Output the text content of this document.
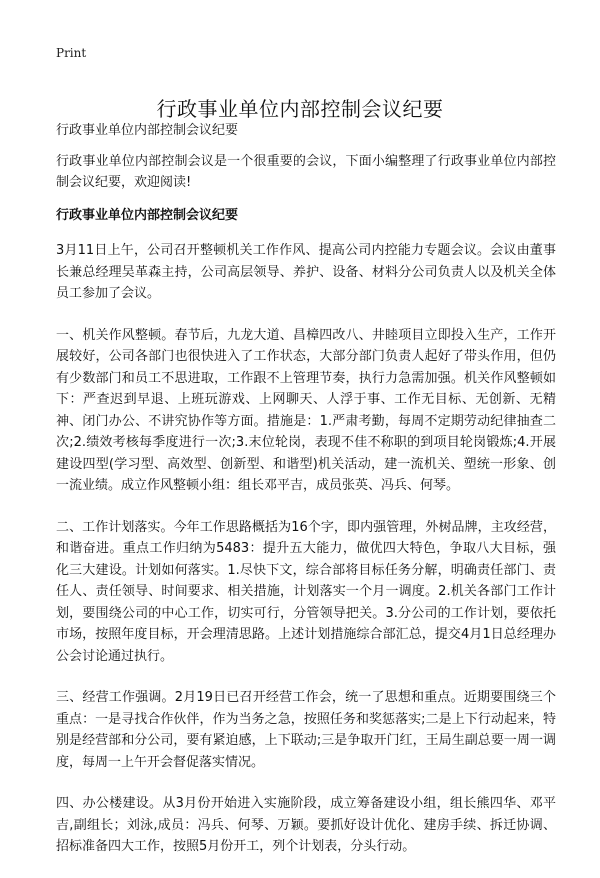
Print
行政事业单位内部控制会议纪要

行政事业单位内部控制会议纪要

行政事业单位内部控制会议是一个很重要的会议，下面小编整理了行政事业单位内部控制会议纪要，欢迎阅读!

行政事业单位内部控制会议纪要

3月11日上午，公司召开整顿机关工作作风、提高公司内控能力专题会议。会议由董事长兼总经理吴革森主持，公司高层领导、养护、设备、材料分公司负责人以及机关全体员工参加了会议。

一、机关作风整顿。春节后，九龙大道、昌樟四改八、井睦项目立即投入生产，工作开展较好，公司各部门也很快进入了工作状态，大部分部门负责人起好了带头作用，但仍有少数部门和员工不思进取，工作跟不上管理节奏，执行力急需加强。机关作风整顿如下：严查迟到早退、上班玩游戏、上网聊天、人浮于事、工作无目标、无创新、无精神、闭门办公、不讲究协作等方面。措施是：1.严肃考勤，每周不定期劳动纪律抽查二次;2.绩效考核每季度进行一次;3.末位轮岗，表现不佳不称职的到项目轮岗锻炼;4.开展建设四型(学习型、高效型、创新型、和谐型)机关活动，建一流机关、塑统一形象、创一流业绩。成立作风整顿小组：组长邓平吉，成员张英、冯兵、何琴。

二、工作计划落实。今年工作思路概括为16个字，即内强管理，外树品牌，主攻经营，和谐奋进。重点工作归纳为5483：提升五大能力，做优四大特色，争取八大目标，强化三大建设。计划如何落实。1.尽快下文，综合部将目标任务分解，明确责任部门、责任人、责任领导、时间要求、相关措施，计划落实一个月一调度。2.机关各部门工作计划，要围绕公司的中心工作，切实可行，分管领导把关。3.分公司的工作计划，要依托市场，按照年度目标，开会理清思路。上述计划措施综合部汇总，提交4月1日总经理办公会讨论通过执行。

三、经营工作强调。2月19日已召开经营工作会，统一了思想和重点。近期要围绕三个重点：一是寻找合作伙伴，作为当务之急，按照任务和奖惩落实;二是上下行动起来，特别是经营部和分公司，要有紧迫感，上下联动;三是争取开门红，王局生副总要一周一调度，每周一上午开会督促落实情况。

四、办公楼建设。从3月份开始进入实施阶段，成立筹备建设小组，组长熊四华、邓平吉,副组长；刘泳,成员：冯兵、何琴、万颖。要抓好设计优化、建房手续、拆迁协调、招标准备四大工作，按照5月份开工，列个计划表，分头行动。
